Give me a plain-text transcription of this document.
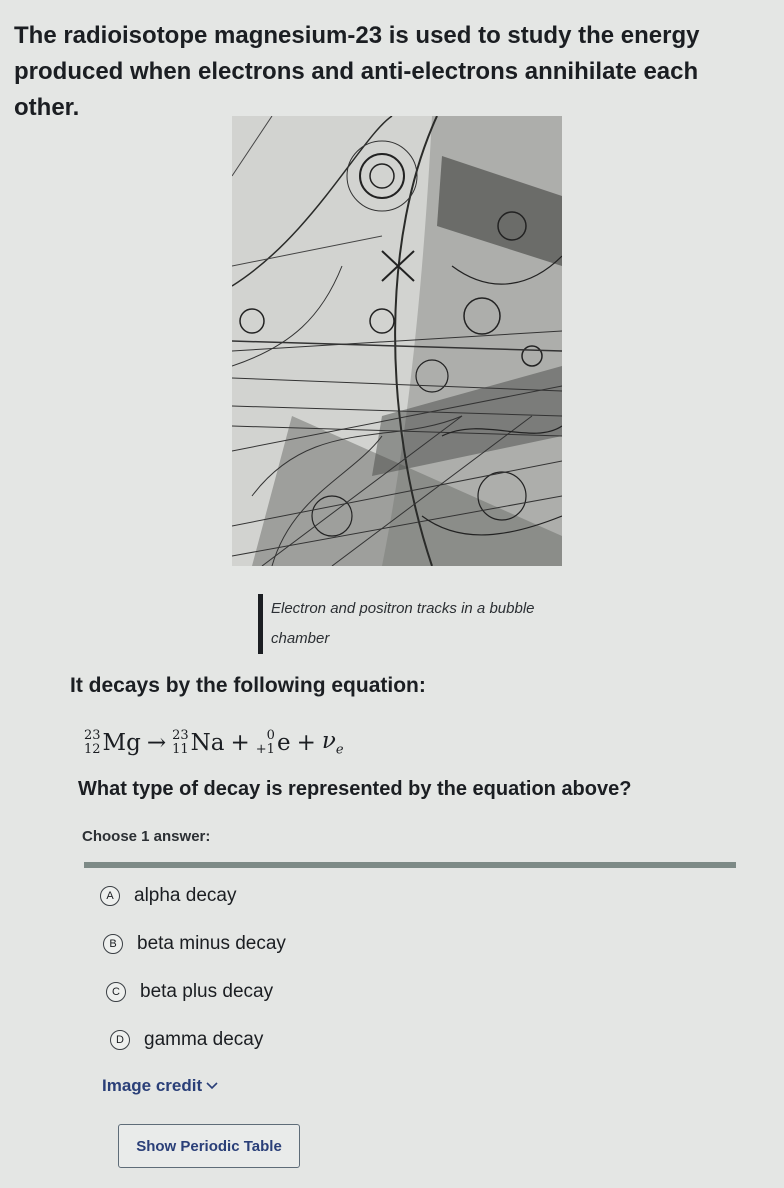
The radioisotope magnesium-23 is used to study the energy produced when electrons and anti-electrons annihilate each other.
Electron and positron tracks in a bubble chamber
It decays by the following equation:
23
12 Mg → 23
11 Na + 0
+1 $e + \nu_e$
What type of decay is represented by the equation above?
Choose 1 answer:
A	alpha decay
B	beta minus decay
C	beta plus decay
D	gamma decay
Image credit
Show Periodic Table
